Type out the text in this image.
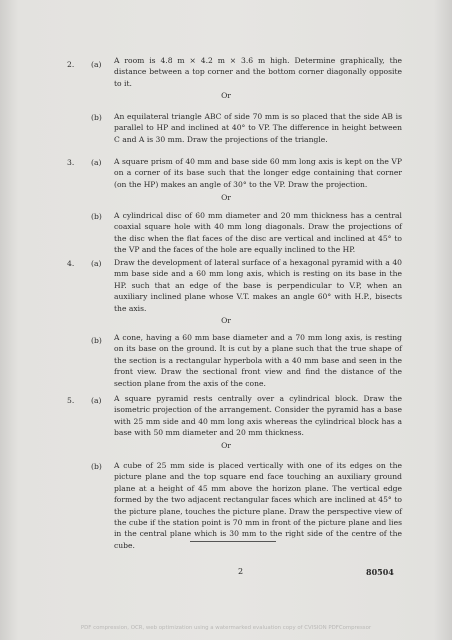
2. (a) A room is 4.8 m × 4.2 m × 3.6 m high. Determine graphically, the distance between a top corner and the bottom corner diagonally opposite to it.
Or
(b) An equilateral triangle ABC of side 70 mm is so placed that the side AB is parallel to HP and inclined at 40° to VP. The difference in height between C and A is 30 mm. Draw the projections of the triangle.
3. (a) A square prism of 40 mm and base side 60 mm long axis is kept on the VP on a corner of its base such that the longer edge containing that corner (on the HP) makes an angle of 30° to the VP. Draw the projection.
Or
(b) A cylindrical disc of 60 mm diameter and 20 mm thickness has a central coaxial square hole with 40 mm long diagonals. Draw the projections of the disc when the flat faces of the disc are vertical and inclined at 45° to the VP and the faces of the hole are equally inclined to the HP.
4. (a) Draw the development of lateral surface of a hexagonal pyramid with a 40 mm base side and a 60 mm long axis, which is resting on its base in the HP. such that an edge of the base is perpendicular to V.P, when an auxiliary inclined plane whose V.T. makes an angle 60° with H.P., bisects the axis.
Or
(b) A cone, having a 60 mm base diameter and a 70 mm long axis, is resting on its base on the ground. It is cut by a plane such that the true shape of the section is a rectangular hyperbola with a 40 mm base and seen in the front view. Draw the sectional front view and find the distance of the section plane from the axis of the cone.
5. (a) A square pyramid rests centrally over a cylindrical block. Draw the isometric projection of the arrangement. Consider the pyramid has a base with 25 mm side and 40 mm long axis whereas the cylindrical block has a base with 50 mm diameter and 20 mm thickness.
Or
(b) A cube of 25 mm side is placed vertically with one of its edges on the picture plane and the top square end face touching an auxiliary ground plane at a height of 45 mm above the horizon plane. The vertical edge formed by the two adjacent rectangular faces which are inclined at 45° to the picture plane, touches the picture plane. Draw the perspective view of the cube if the station point is 70 mm in front of the picture plane and lies in the central plane which is 30 mm to the right side of the centre of the cube.
2	80504
PDF compression, OCR, web optimization using a watermarked evaluation copy of CVISION PDFCompressor
